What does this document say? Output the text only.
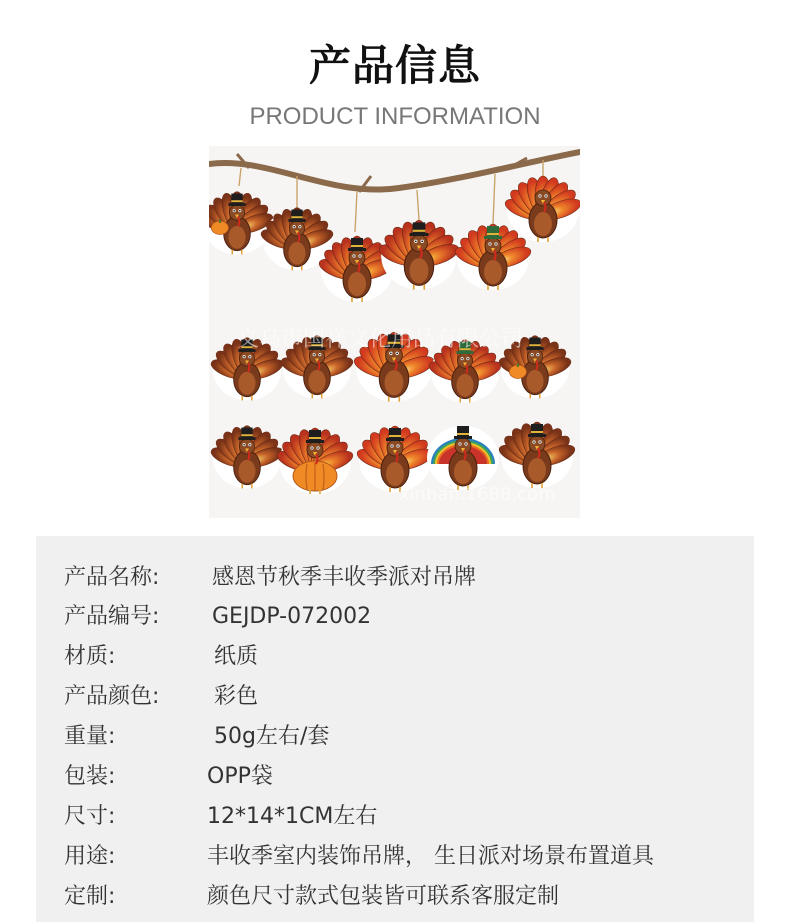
产品信息
PRODUCT INFORMATION
义乌市国祥文化用品有限公司
xinban.1688.com
产品名称: 感恩节秋季丰收季派对吊牌
产品编号: GEJDP-072002
材质:	纸质
产品颜色: 彩色
重量:	50g左右/套
包装:	OPP袋
尺寸:	12*14*1CM左右
用途:	丰收季室内装饰吊牌， 生日派对场景布置道具
定制:	颜色尺寸款式包装皆可联系客服定制
